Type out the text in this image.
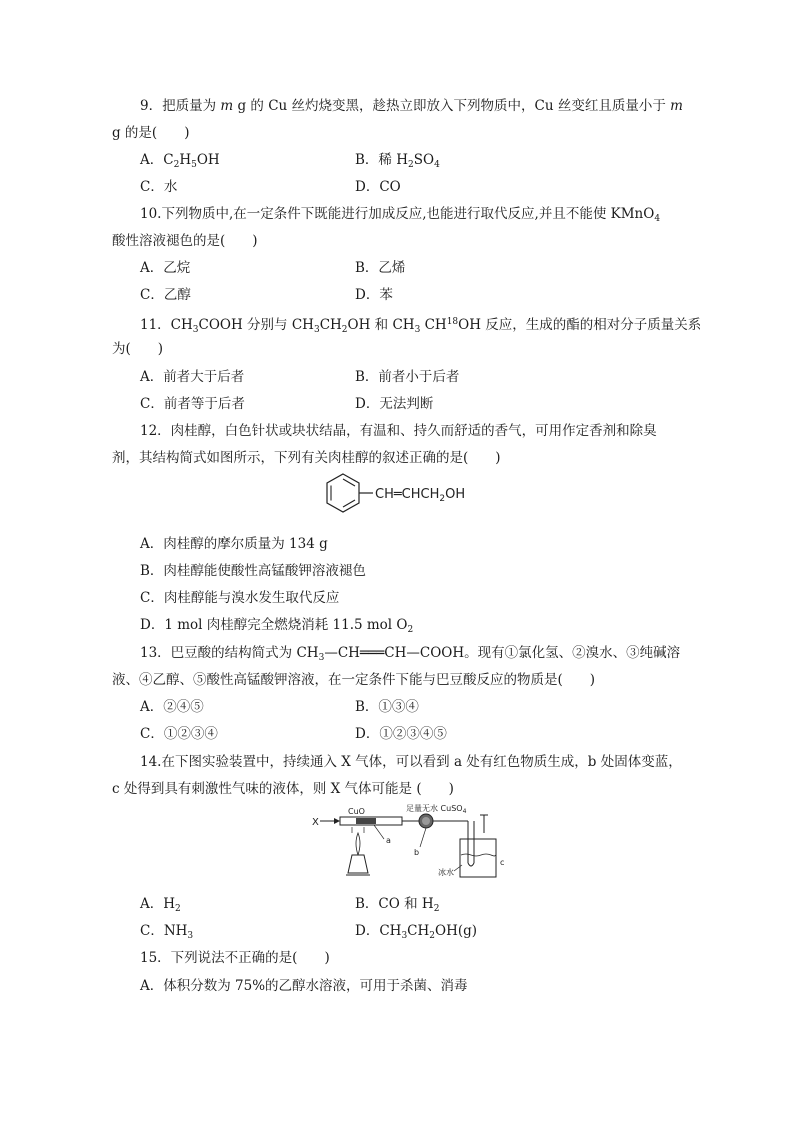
9．把质量为 m g 的 Cu 丝灼烧变黑，趁热立即放入下列物质中，Cu 丝变红且质量小于 m
g 的是(　　)
A．$C_2H_5OH$	B．稀 $H_2SO_4$
C．水	D．CO
10.下列物质中,在一定条件下既能进行加成反应,也能进行取代反应,并且不能使 KMnO$_4$
酸性溶液褪色的是(　　)
A．乙烷	B．乙烯
C．乙醇	D．苯
11．$CH_3COOH$ 分别与 $CH_3CH_2OH$ 和 $CH_3$ CH$^{18}$OH 反应，生成的酯的相对分子质量关系
为(　　)
A．前者大于后者	B．前者小于后者
C．前者等于后者	D．无法判断
12．肉桂醇，白色针状或块状结晶，有温和、持久而舒适的香气，可用作定香剂和除臭
剂，其结构简式如图所示，下列有关肉桂醇的叙述正确的是(　　)
$CH═CHCH_2OH$
A．肉桂醇的摩尔质量为 134 g
B．肉桂醇能使酸性高锰酸钾溶液褪色
C．肉桂醇能与溴水发生取代反应
D．1 mol 肉桂醇完全燃烧消耗 11.5 mol $O_2$
13．巴豆酸的结构简式为 $CH_3—CH═══CH—COOH$。现有①氯化氢、②溴水、③纯碱溶
液、④乙醇、⑤酸性高锰酸钾溶液，在一定条件下能与巴豆酸反应的物质是(　　)
A．②④⑤	B．①③④
C．①②③④	D．①②③④⑤
14.在下图实验装置中，持续通入 X 气体，可以看到 a 处有红色物质生成，b 处固体变蓝，
c 处得到具有刺激性气味的液体，则 X 气体可能是 (　　)
X
CuO
a
足量无水 CuSO$_4$
b
c
冰水
A．$H_2$	B．CO 和 $H_2$
C．$NH_3$	D．$CH_3CH_2OH(g)$
15．下列说法不正确的是(　　)
A．体积分数为 75%的乙醇水溶液，可用于杀菌、消毒
